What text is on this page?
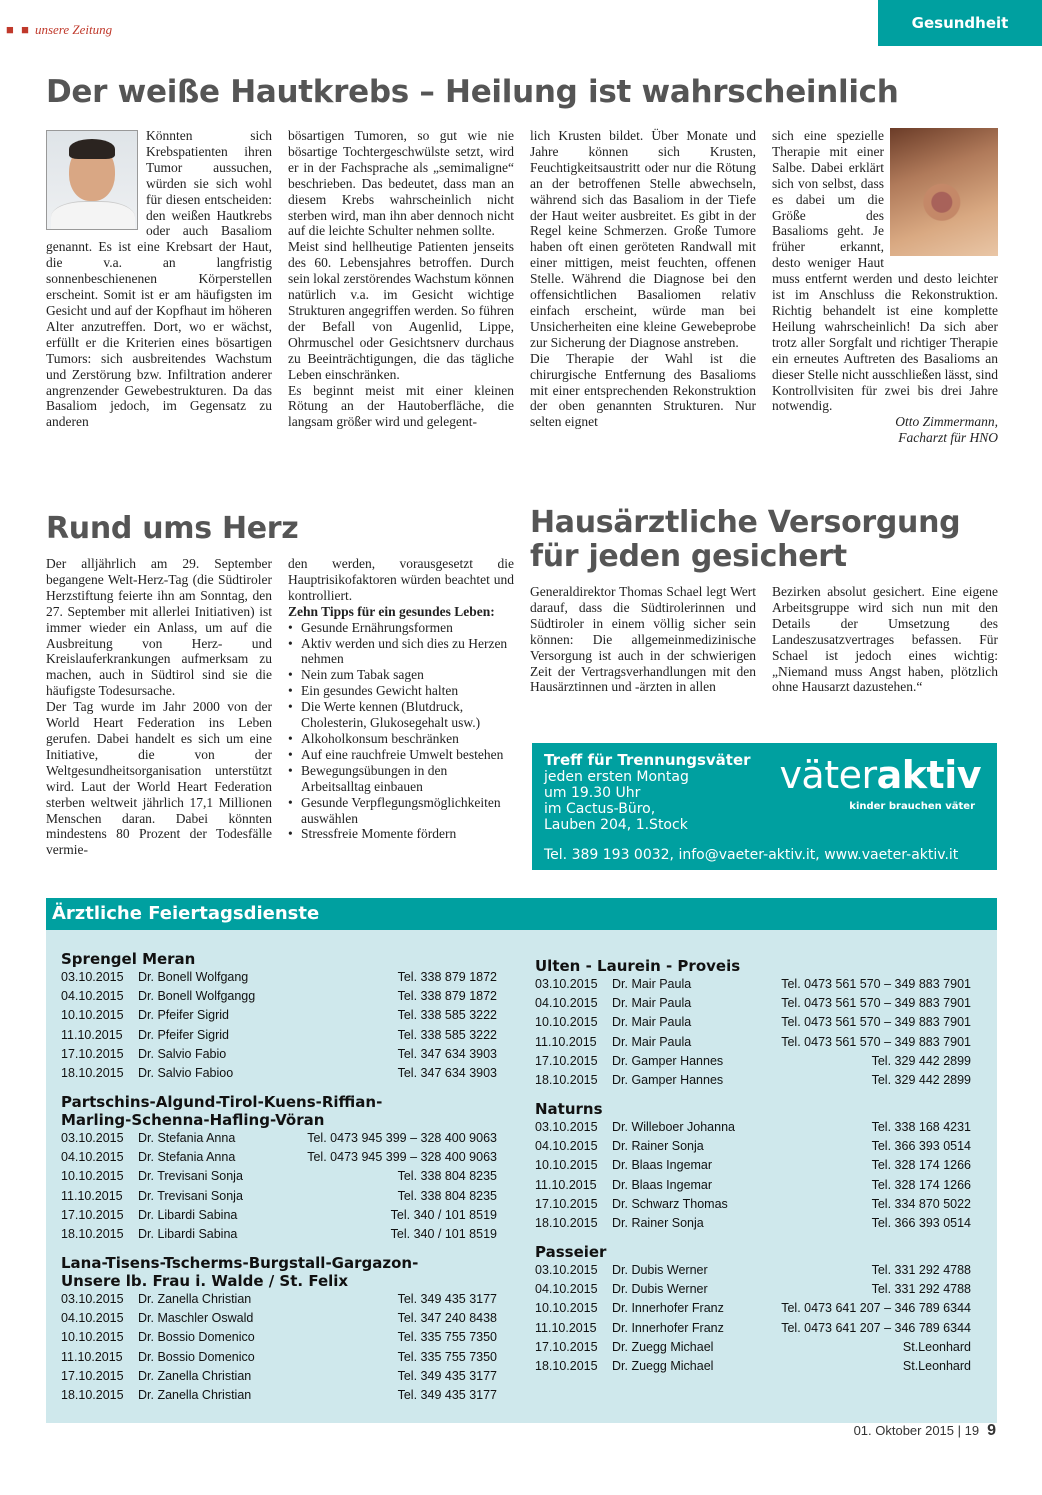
■ ■ unsere Zeitung	Gesundheit
Der weiße Hautkrebs – Heilung ist wahrscheinlich

Könnten sich Krebspatienten ihren Tumor aussuchen, würden sie sich wohl für diesen entscheiden: den weißen Hautkrebs oder auch Basaliom genannt. Es ist eine Krebsart der Haut, die v.a. an langfristig sonnenbeschienenen Körperstellen erscheint. Somit ist er am häufigsten im Gesicht und auf der Kopfhaut im höheren Alter anzutreffen. Dort, wo er wächst, erfüllt er die Kriterien eines bösartigen Tumors: sich ausbreitendes Wachstum und Zerstörung bzw. Infiltration anderer angrenzender Gewebestrukturen. Da das Basaliom jedoch, im Gegensatz zu anderen

bösartigen Tumoren, so gut wie nie bösartige Tochtergeschwülste setzt, wird er in der Fachsprache als „semimaligne“ beschrieben. Das bedeutet, dass man an diesem Krebs wahrscheinlich nicht sterben wird, man ihn aber dennoch nicht auf die leichte Schulter nehmen sollte.

Meist sind hellheutige Patienten jenseits des 60. Lebensjahres betroffen. Durch sein lokal zerstörendes Wachstum können natürlich v.a. im Gesicht wichtige Strukturen angegriffen werden. So führen der Befall von Augenlid, Lippe, Ohrmuschel oder Gesichtsnerv durchaus zu Beeinträchtigungen, die das tägliche Leben einschränken.

Es beginnt meist mit einer kleinen Rötung an der Hautoberfläche, die langsam größer wird und gelegent-

lich Krusten bildet. Über Monate und Jahre können sich Krusten, Feuchtigkeitsaustritt oder nur die Rötung an der betroffenen Stelle abwechseln, während sich das Basaliom in der Tiefe der Haut weiter ausbreitet. Es gibt in der Regel keine Schmerzen. Große Tumore haben oft einen geröteten Randwall mit einer mittigen, meist feuchten, offenen Stelle. Während die Diagnose bei den offensichtlichen Basaliomen relativ einfach erscheint, würde man bei Unsicherheiten eine kleine Gewebeprobe zur Sicherung der Diagnose anstreben.

Die Therapie der Wahl ist die chirurgische Entfernung des Basalioms mit einer entsprechenden Rekonstruktion der oben genannten Strukturen. Nur selten eignet

sich eine spezielle Therapie mit einer Salbe. Dabei erklärt sich von selbst, dass es dabei um die Größe des Basalioms geht. Je früher erkannt, desto weniger Haut muss entfernt werden und desto leichter ist im Anschluss die Rekonstruktion. Richtig behandelt ist eine komplette Heilung wahrscheinlich! Da sich aber trotz aller Sorgfalt und richtiger Therapie ein erneutes Auftreten des Basalioms an dieser Stelle nicht ausschließen lässt, sind Kontrollvisiten für zwei bis drei Jahre notwendig.

Otto Zimmermann,

Facharzt für HNO

Rund ums Herz

Der alljährlich am 29. September begangene Welt-Herz-Tag (die Südtiroler Herzstiftung feierte ihn am Sonntag, den 27. September mit allerlei Initiativen) ist immer wieder ein Anlass, um auf die Ausbreitung von Herz- und Kreislauferkrankungen aufmerksam zu machen, auch in Südtirol sind sie die häufigste Todesursache.

Der Tag wurde im Jahr 2000 von der World Heart Federation ins Leben gerufen. Dabei handelt es sich um eine Initiative, die von der Weltgesundheitsorganisation unterstützt wird. Laut der World Heart Federation sterben weltweit jährlich 17,1 Millionen Menschen daran. Dabei könnten mindestens 80 Prozent der Todesfälle vermie-

den werden, vorausgesetzt die Hauptrisikofaktoren würden beachtet und kontrolliert.

Zehn Tipps für ein gesundes Leben:

• Gesunde Ernährungsformen
• Aktiv werden und sich dies zu Herzen nehmen
• Nein zum Tabak sagen
• Ein gesundes Gewicht halten
• Die Werte kennen (Blutdruck, Cholesterin, Glukosegehalt usw.)
• Alkoholkonsum beschränken
• Auf eine rauchfreie Umwelt bestehen
• Bewegungsübungen in den Arbeitsalltag einbauen
• Gesunde Verpflegungsmöglichkeiten auswählen
• Stressfreie Momente fördern
Hausärztliche Versorgung
für jeden gesichert

Generaldirektor Thomas Schael legt Wert darauf, dass die Südtirolerinnen und Südtiroler in einem völlig sicher sein können: Die allgemeinmedizinische Versorgung ist auch in der schwierigen Zeit der Vertragsverhandlungen mit den Hausärztinnen und -ärzten in allen

Bezirken absolut gesichert. Eine eigene Arbeitsgruppe wird sich nun mit den Details der Umsetzung des Landeszusatzvertrages befassen. Für Schael ist jedoch eines wichtig: „Niemand muss Angst haben, plötzlich ohne Hausarzt dazustehen.“

Treff für Trennungsväter
jeden ersten Montag
um 19.30 Uhr
im Cactus-Büro,
Lauben 204, 1.Stock
väteraktiv
kinder brauchen väter
Tel. 389 193 0032, info@vaeter-aktiv.it, www.vaeter-aktiv.it
Ärztliche Feiertagsdienste
Sprengel Meran
03.10.2015 Dr. Bonell Wolfgang	Tel. 338 879 1872
04.10.2015 Dr. Bonell Wolfgangg	Tel. 338 879 1872
10.10.2015 Dr. Pfeifer Sigrid	Tel. 338 585 3222
11.10.2015 Dr. Pfeifer Sigrid	Tel. 338 585 3222
17.10.2015 Dr. Salvio Fabio	Tel. 347 634 3903
18.10.2015 Dr. Salvio Fabioo	Tel. 347 634 3903
Partschins-Algund-Tirol-Kuens-Riffian-
Marling-Schenna-Hafling-Vöran
03.10.2015 Dr. Stefania Anna	Tel. 0473 945 399 – 328 400 9063
04.10.2015 Dr. Stefania Anna	Tel. 0473 945 399 – 328 400 9063
10.10.2015 Dr. Trevisani Sonja	Tel. 338 804 8235
11.10.2015 Dr. Trevisani Sonja	Tel. 338 804 8235
17.10.2015 Dr. Libardi Sabina	Tel. 340 / 101 8519
18.10.2015 Dr. Libardi Sabina	Tel. 340 / 101 8519
Lana-Tisens-Tscherms-Burgstall-Gargazon-
Unsere lb. Frau i. Walde / St. Felix
03.10.2015 Dr. Zanella Christian	Tel. 349 435 3177
04.10.2015 Dr. Maschler Oswald	Tel. 347 240 8438
10.10.2015 Dr. Bossio Domenico	Tel. 335 755 7350
11.10.2015 Dr. Bossio Domenico	Tel. 335 755 7350
17.10.2015 Dr. Zanella Christian	Tel. 349 435 3177
18.10.2015 Dr. Zanella Christian	Tel. 349 435 3177
Ulten - Laurein - Proveis
03.10.2015 Dr. Mair Paula	Tel. 0473 561 570 – 349 883 7901
04.10.2015 Dr. Mair Paula	Tel. 0473 561 570 – 349 883 7901
10.10.2015 Dr. Mair Paula	Tel. 0473 561 570 – 349 883 7901
11.10.2015 Dr. Mair Paula	Tel. 0473 561 570 – 349 883 7901
17.10.2015 Dr. Gamper Hannes	Tel. 329 442 2899
18.10.2015 Dr. Gamper Hannes	Tel. 329 442 2899
Naturns
03.10.2015 Dr. Willeboer Johanna	Tel. 338 168 4231
04.10.2015 Dr. Rainer Sonja	Tel. 366 393 0514
10.10.2015 Dr. Blaas Ingemar	Tel. 328 174 1266
11.10.2015 Dr. Blaas Ingemar	Tel. 328 174 1266
17.10.2015 Dr. Schwarz Thomas	Tel. 334 870 5022
18.10.2015 Dr. Rainer Sonja	Tel. 366 393 0514
Passeier
03.10.2015 Dr. Dubis Werner	Tel. 331 292 4788
04.10.2015 Dr. Dubis Werner	Tel. 331 292 4788
10.10.2015 Dr. Innerhofer Franz	Tel. 0473 641 207 – 346 789 6344
11.10.2015 Dr. Innerhofer Franz	Tel. 0473 641 207 – 346 789 6344
17.10.2015 Dr. Zuegg Michael	St.Leonhard
18.10.2015 Dr. Zuegg Michael	St.Leonhard
01. Oktober 2015 | 19 9
